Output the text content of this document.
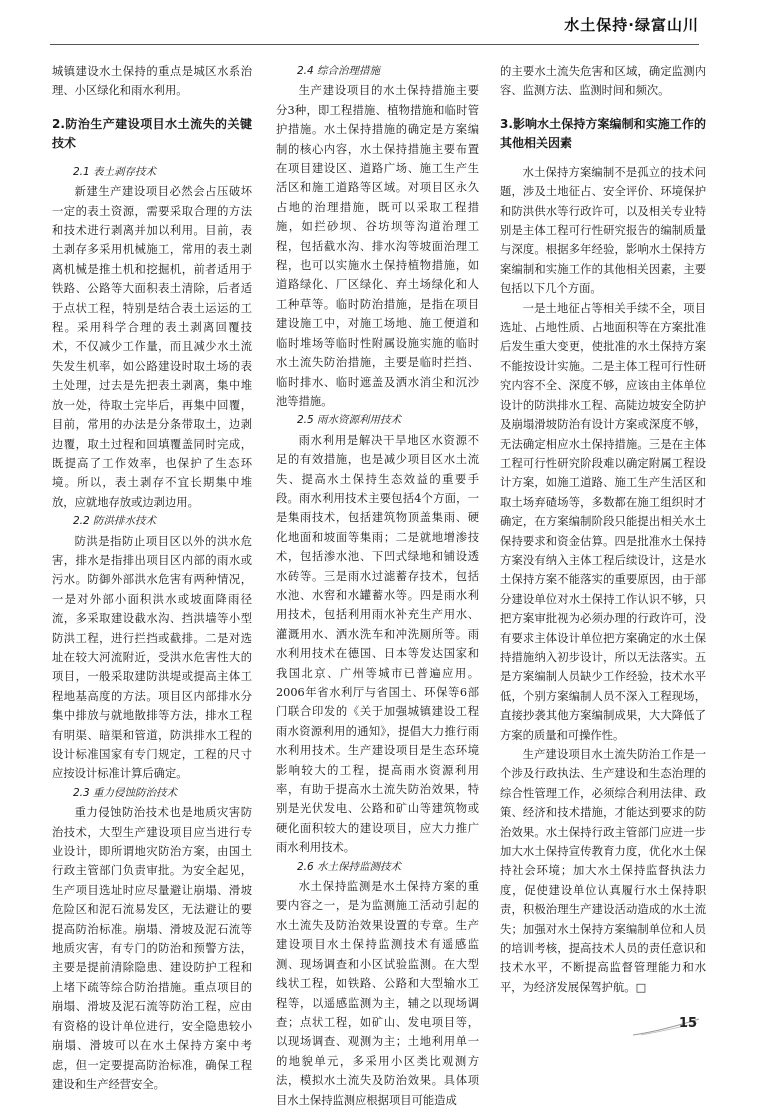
水土保持·绿富山川

城镇建设水土保持的重点是城区水系治理、小区绿化和雨水利用。

2.防治生产建设项目水土流失的关键技术
2.1 表土剥存技术

新建生产建设项目必然会占压破坏一定的表土资源，需要采取合理的方法和技术进行剥离并加以利用。目前，表土剥存多采用机械施工，常用的表土剥离机械是推土机和挖掘机，前者适用于铁路、公路等大面积表土清除，后者适于点状工程，特别是结合表土运运的工程。采用科学合理的表土剥离回覆技术，不仅减少工作量，而且减少水土流失发生机率，如公路建设时取土场的表土处理，过去是先把表土剥离，集中堆放一处，待取土完毕后，再集中回覆，目前，常用的办法是分条带取土，边剥边覆，取土过程和回填覆盖同时完成，既提高了工作效率，也保护了生态环境。所以，表土剥存不宜长期集中堆放，应就地存放或边剥边用。

2.2 防洪排水技术

防洪是指防止项目区以外的洪水危害，排水是指排出项目区内部的雨水或污水。防御外部洪水危害有两种情况，一是对外部小面积洪水或坡面降雨径流，多采取建设截水沟、挡洪墙等小型防洪工程，进行拦挡或截排。二是对选址在较大河流附近，受洪水危害性大的项目，一般采取建防洪堤或提高主体工程地基高度的方法。项目区内部排水分集中排放与就地散排等方法，排水工程有明渠、暗渠和管道，防洪排水工程的设计标准国家有专门规定，工程的尺寸应按设计标准计算后确定。

2.3 重力侵蚀防治技术

重力侵蚀防治技术也是地质灾害防治技术，大型生产建设项目应当进行专业设计，即所谓地灾防治方案，由国土行政主管部门负责审批。为安全起见，生产项目选址时应尽量避让崩塌、滑坡危险区和泥石流易发区，无法避让的要提高防治标准。崩塌、滑坡及泥石流等地质灾害，有专门的防治和预警方法，主要是提前清除隐患、建设防护工程和上堵下疏等综合防治措施。重点项目的崩塌、滑坡及泥石流等防治工程，应由有资格的设计单位进行，安全隐患较小崩塌、滑坡可以在水土保持方案中考虑，但一定要提高防治标准，确保工程建设和生产经营安全。

2.4 综合治理措施

生产建设项目的水土保持措施主要分3种，即工程措施、植物措施和临时管护措施。水土保持措施的确定是方案编制的核心内容，水土保持措施主要布置在项目建设区、道路广场、施工生产生活区和施工道路等区域。对项目区永久占地的治理措施，既可以采取工程措施，如拦砂坝、谷坊坝等沟道治理工程，包括截水沟、排水沟等坡面治理工程，也可以实施水土保持植物措施，如道路绿化、厂区绿化、弃土场绿化和人工种草等。临时防治措施，是指在项目建设施工中，对施工场地、施工便道和临时堆场等临时性附属设施实施的临时水土流失防治措施，主要是临时拦挡、临时排水、临时遮盖及洒水消尘和沉沙池等措施。

2.5 雨水资源利用技术

雨水利用是解决干旱地区水资源不足的有效措施，也是减少项目区水土流失、提高水土保持生态效益的重要手段。雨水利用技术主要包括4个方面，一是集雨技术，包括建筑物顶盖集雨、硬化地面和坡面等集雨；二是就地增渗技术，包括渗水池、下凹式绿地和铺设透水砖等。三是雨水过滤蓄存技术，包括水池、水窖和水罐蓄水等。四是雨水利用技术，包括利用雨水补充生产用水、灌溉用水、洒水洗车和冲洗厕所等。雨水利用技术在德国、日本等发达国家和我国北京、广州等城市已普遍应用。2006年省水利厅与省国土、环保等6部门联合印发的《关于加强城镇建设工程雨水资源利用的通知》，提倡大力推行雨水利用技术。生产建设项目是生态环境影响较大的工程，提高雨水资源利用率，有助于提高水土流失防治效果，特别是光伏发电、公路和矿山等建筑物或硬化面积较大的建设项目，应大力推广雨水利用技术。

2.6 水土保持监测技术

水土保持监测是水土保持方案的重要内容之一，是为监测施工活动引起的水土流失及防治效果设置的专章。生产建设项目水土保持监测技术有遥感监测、现场调查和小区试验监测。在大型线状工程，如铁路、公路和大型输水工程等，以遥感监测为主，辅之以现场调查；点状工程，如矿山、发电项目等，以现场调查、观测为主；土地利用单一的地貌单元，多采用小区类比观测方法，模拟水土流失及防治效果。具体项目水土保持监测应根据项目可能造成

的主要水土流失危害和区域，确定监测内容、监测方法、监测时间和频次。

3.影响水土保持方案编制和实施工作的其他相关因素

水土保持方案编制不是孤立的技术问题，涉及土地征占、安全评价、环境保护和防洪供水等行政许可，以及相关专业特别是主体工程可行性研究报告的编制质量与深度。根据多年经验，影响水土保持方案编制和实施工作的其他相关因素，主要包括以下几个方面。

一是土地征占等相关手续不全，项目选址、占地性质、占地面积等在方案批准后发生重大变更，使批准的水土保持方案不能按设计实施。二是主体工程可行性研究内容不全、深度不够，应该由主体单位设计的防洪排水工程、高陡边坡安全防护及崩塌滑坡防治有设计方案或深度不够，无法确定相应水土保持措施。三是在主体工程可行性研究阶段难以确定附属工程设计方案，如施工道路、施工生产生活区和取土场弃碴场等，多数都在施工组织时才确定，在方案编制阶段只能提出相关水土保持要求和资金估算。四是批准水土保持方案没有纳入主体工程后续设计，这是水土保持方案不能落实的重要原因，由于部分建设单位对水土保持工作认识不够，只把方案审批视为必须办理的行政许可，没有要求主体设计单位把方案确定的水土保持措施纳入初步设计，所以无法落实。五是方案编制人员缺少工作经验，技术水平低，个别方案编制人员不深入工程现场，直接抄袭其他方案编制成果，大大降低了方案的质量和可操作性。

生产建设项目水土流失防治工作是一个涉及行政执法、生产建设和生态治理的综合性管理工作，必须综合利用法律、政策、经济和技术措施，才能达到要求的防治效果。水土保持行政主管部门应进一步加大水土保持宣传教育力度，优化水土保持社会环境；加大水土保持监督执法力度，促使建设单位认真履行水土保持职责，积极治理生产建设活动造成的水土流失；加强对水土保持方案编制单位和人员的培训考核，提高技术人员的责任意识和技术水平，不断提高监督管理能力和水平，为经济发展保驾护航。□

15
